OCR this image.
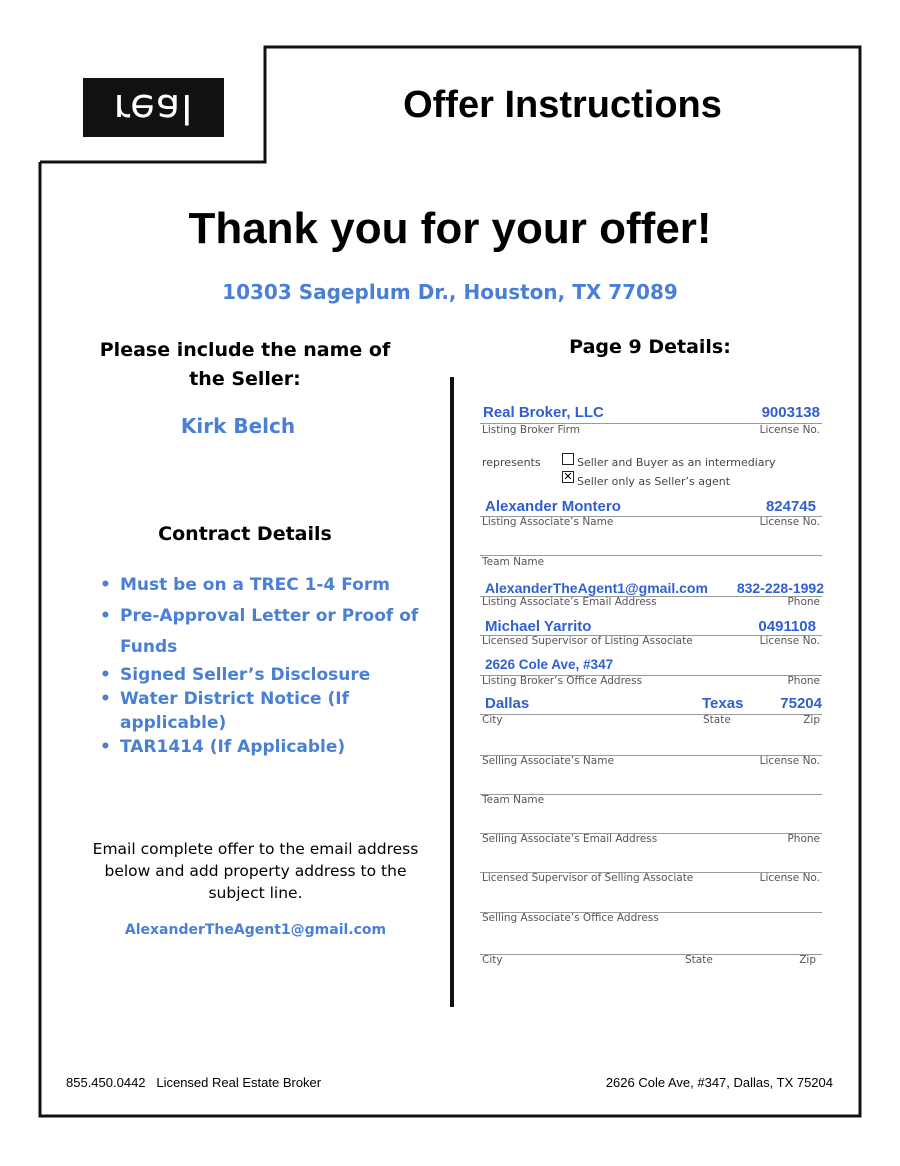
real	Offer Instructions
Thank you for your offer!
10303 Sageplum Dr., Houston, TX 77089
Please include the name of
the Seller:
Kirk Belch
Contract Details
• Must be on a TREC 1-4 Form
• Pre-Approval Letter or Proof of
Funds
• Signed Seller’s Disclosure
• Water District Notice (If
applicable)
• TAR1414 (If Applicable)
Email complete offer to the email address below and add property address to the subject line.
AlexanderTheAgent1@gmail.com
Page 9 Details:
Real Broker, LLC	9003138
Listing Broker Firm	License No.
represents	Seller and Buyer as an intermediary
✕ Seller only as Seller’s agent
Alexander Montero	824745
Listing Associate’s Name	License No.
Team Name
AlexanderTheAgent1@gmail.com 832-228-1992
Listing Associate’s Email Address	Phone
Michael Yarrito	0491108
Licensed Supervisor of Listing Associate	License No.
2626 Cole Ave, #347
Listing Broker’s Office Address	Phone
Dallas	Texas 75204
City	State	Zip
Selling Associate’s Name	License No.
Team Name
Selling Associate’s Email Address	Phone
Licensed Supervisor of Selling Associate	License No.
Selling Associate’s Office Address
City	State	Zip
855.450.0442   Licensed Real Estate Broker	2626 Cole Ave, #347, Dallas, TX 75204
